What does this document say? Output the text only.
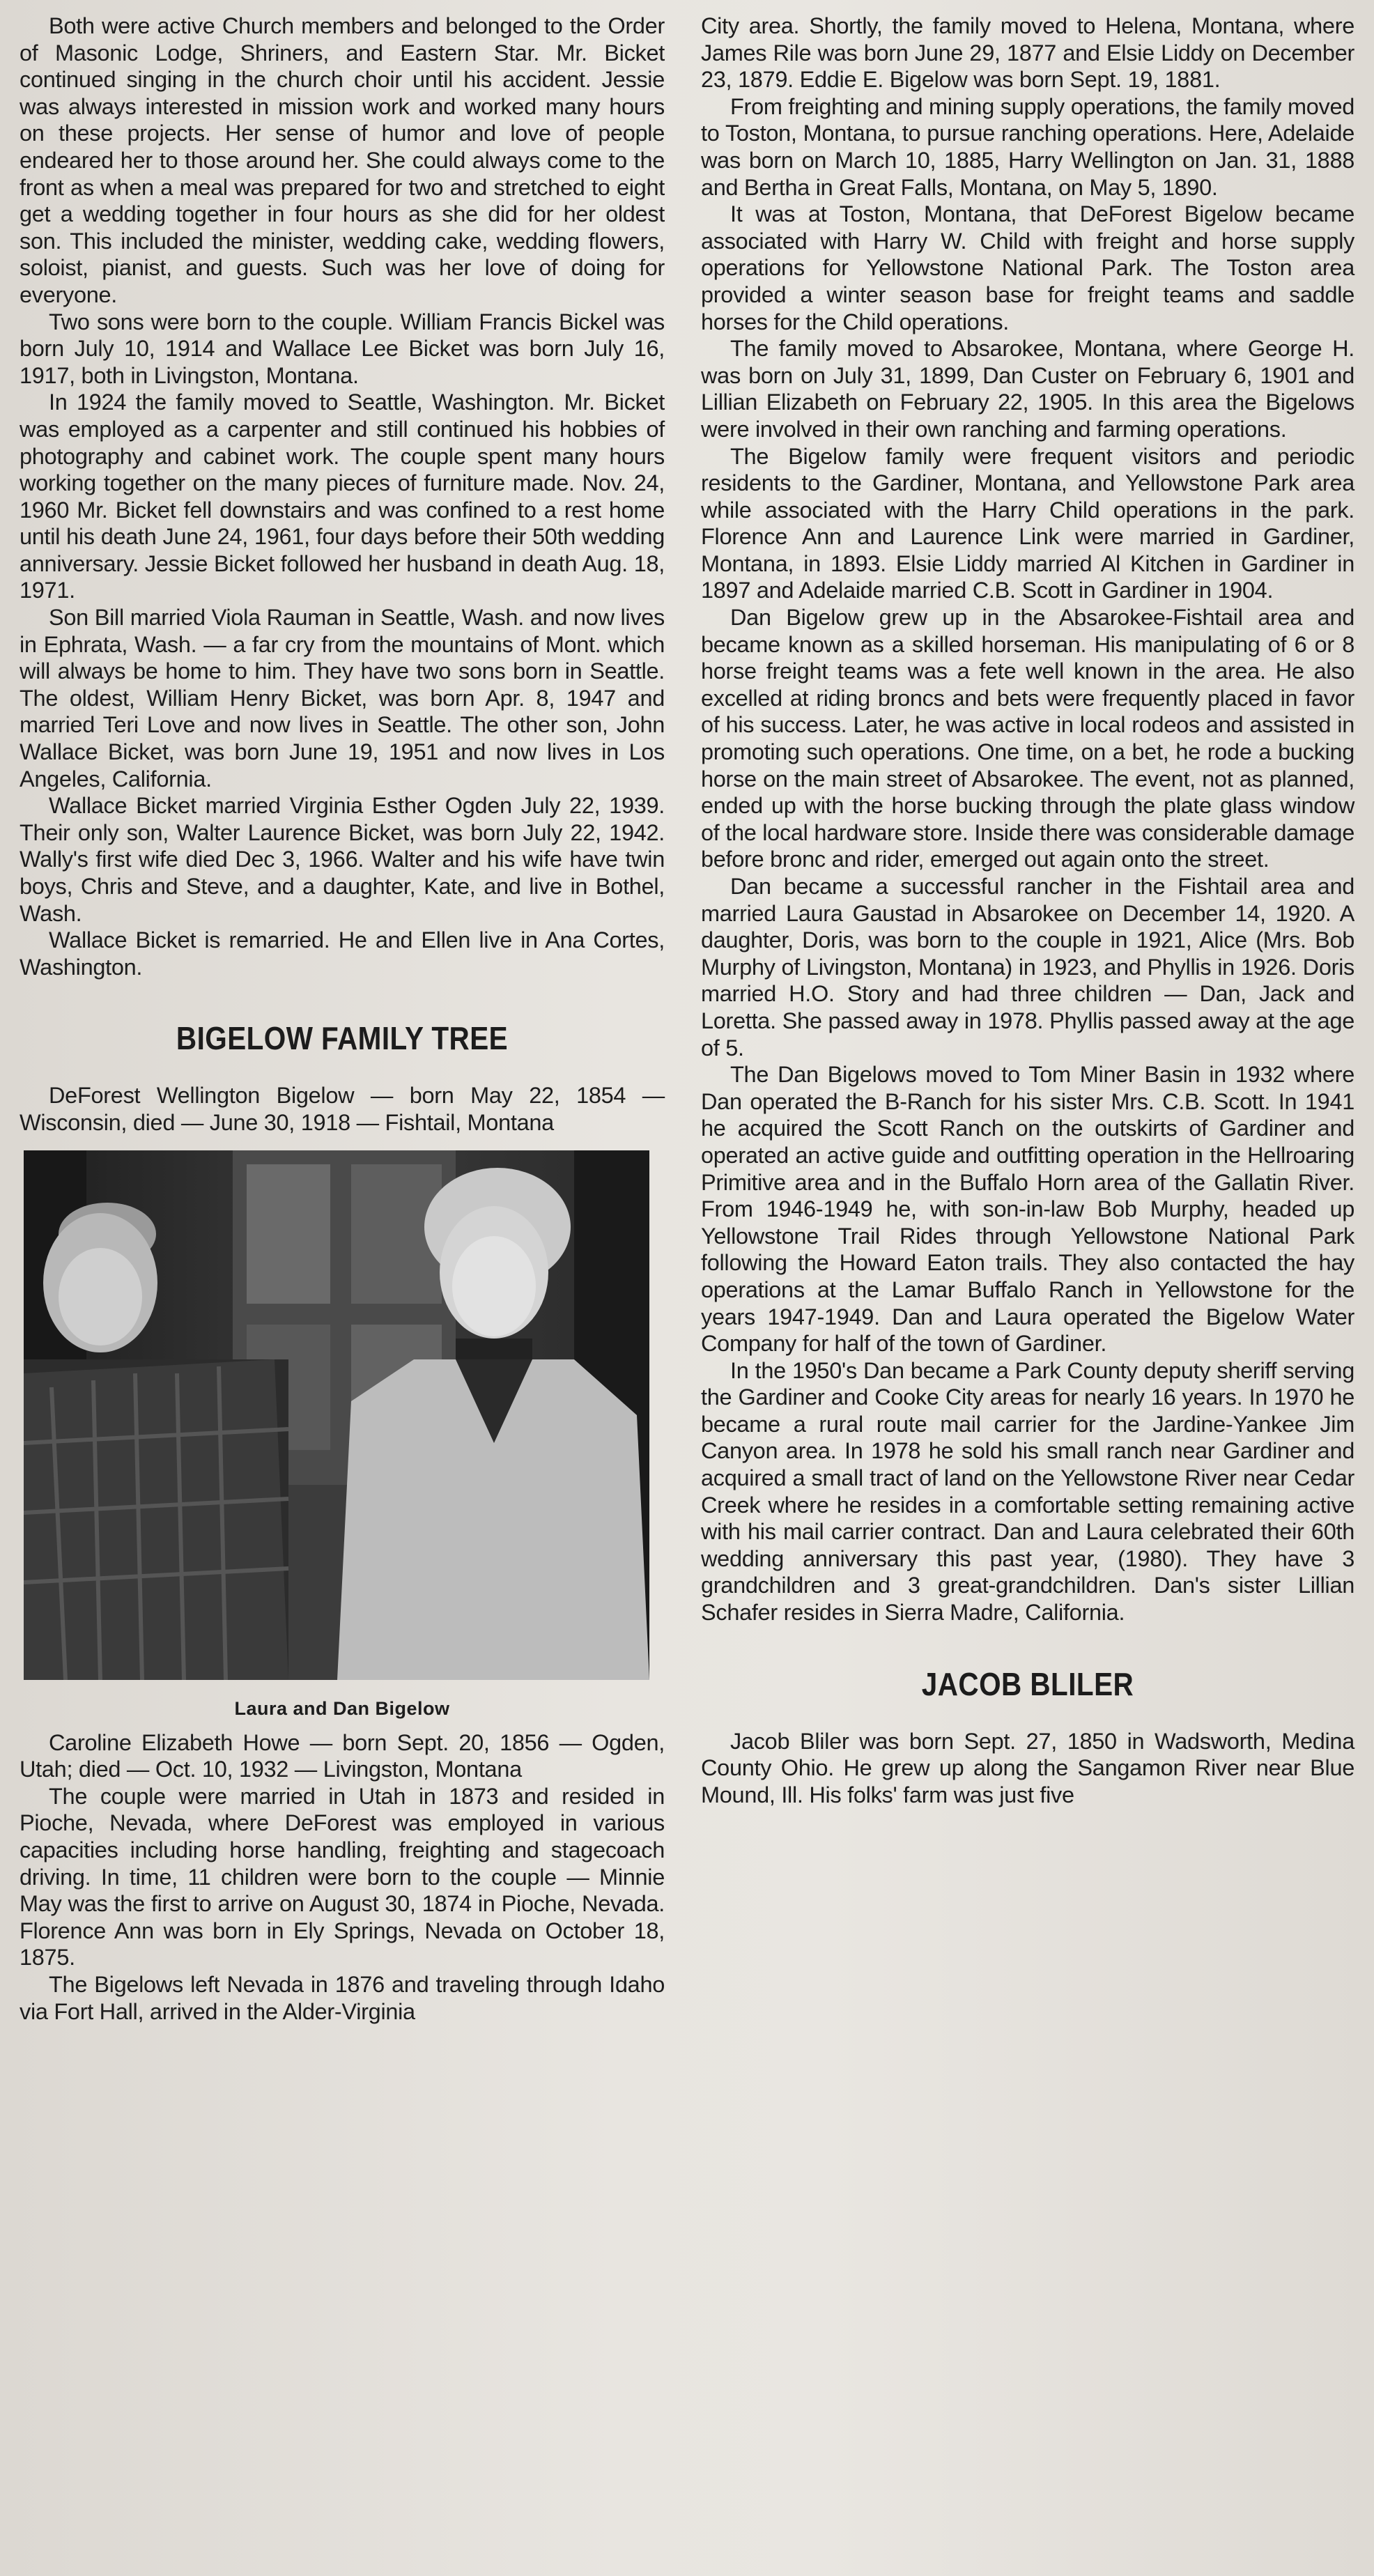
Both were active Church members and belonged to the Order of Masonic Lodge, Shriners, and Eastern Star. Mr. Bicket continued singing in the church choir until his accident. Jessie was always interested in mission work and worked many hours on these projects. Her sense of humor and love of people endeared her to those around her. She could always come to the front as when a meal was prepared for two and stretched to eight get a wedding together in four hours as she did for her oldest son. This included the minister, wedding cake, wedding flowers, soloist, pianist, and guests. Such was her love of doing for everyone.

Two sons were born to the couple. William Francis Bickel was born July 10, 1914 and Wallace Lee Bicket was born July 16, 1917, both in Livingston, Montana.

In 1924 the family moved to Seattle, Washington. Mr. Bicket was employed as a carpenter and still continued his hobbies of photography and cabinet work. The couple spent many hours working together on the many pieces of furniture made. Nov. 24, 1960 Mr. Bicket fell downstairs and was confined to a rest home until his death June 24, 1961, four days before their 50th wedding anniversary. Jessie Bicket followed her husband in death Aug. 18, 1971.

Son Bill married Viola Rauman in Seattle, Wash. and now lives in Ephrata, Wash. — a far cry from the mountains of Mont. which will always be home to him. They have two sons born in Seattle. The oldest, William Henry Bicket, was born Apr. 8, 1947 and married Teri Love and now lives in Seattle. The other son, John Wallace Bicket, was born June 19, 1951 and now lives in Los Angeles, California.

Wallace Bicket married Virginia Esther Ogden July 22, 1939. Their only son, Walter Laurence Bicket, was born July 22, 1942. Wally's first wife died Dec 3, 1966. Walter and his wife have twin boys, Chris and Steve, and a daughter, Kate, and live in Bothel, Wash.

Wallace Bicket is remarried. He and Ellen live in Ana Cortes, Washington.

BIGELOW FAMILY TREE

DeForest Wellington Bigelow — born May 22, 1854 — Wisconsin, died — June 30, 1918 — Fishtail, Montana

Laura and Dan Bigelow

Caroline Elizabeth Howe — born Sept. 20, 1856 — Ogden, Utah; died — Oct. 10, 1932 — Livingston, Montana

The couple were married in Utah in 1873 and resided in Pioche, Nevada, where DeForest was employed in various capacities including horse handling, freighting and stagecoach driving. In time, 11 children were born to the couple — Minnie May was the first to arrive on August 30, 1874 in Pioche, Nevada. Florence Ann was born in Ely Springs, Nevada on October 18, 1875.

The Bigelows left Nevada in 1876 and traveling through Idaho via Fort Hall, arrived in the Alder-Virginia

City area. Shortly, the family moved to Helena, Montana, where James Rile was born June 29, 1877 and Elsie Liddy on December 23, 1879. Eddie E. Bigelow was born Sept. 19, 1881.

From freighting and mining supply operations, the family moved to Toston, Montana, to pursue ranching operations. Here, Adelaide was born on March 10, 1885, Harry Wellington on Jan. 31, 1888 and Bertha in Great Falls, Montana, on May 5, 1890.

It was at Toston, Montana, that DeForest Bigelow became associated with Harry W. Child with freight and horse supply operations for Yellowstone National Park. The Toston area provided a winter season base for freight teams and saddle horses for the Child operations.

The family moved to Absarokee, Montana, where George H. was born on July 31, 1899, Dan Custer on February 6, 1901 and Lillian Elizabeth on February 22, 1905. In this area the Bigelows were involved in their own ranching and farming operations.

The Bigelow family were frequent visitors and periodic residents to the Gardiner, Montana, and Yellowstone Park area while associated with the Harry Child operations in the park. Florence Ann and Laurence Link were married in Gardiner, Montana, in 1893. Elsie Liddy married Al Kitchen in Gardiner in 1897 and Adelaide married C.B. Scott in Gardiner in 1904.

Dan Bigelow grew up in the Absarokee-Fishtail area and became known as a skilled horseman. His manipulating of 6 or 8 horse freight teams was a fete well known in the area. He also excelled at riding broncs and bets were frequently placed in favor of his success. Later, he was active in local rodeos and assisted in promoting such operations. One time, on a bet, he rode a bucking horse on the main street of Absarokee. The event, not as planned, ended up with the horse bucking through the plate glass window of the local hardware store. Inside there was considerable damage before bronc and rider, emerged out again onto the street.

Dan became a successful rancher in the Fishtail area and married Laura Gaustad in Absarokee on December 14, 1920. A daughter, Doris, was born to the couple in 1921, Alice (Mrs. Bob Murphy of Livingston, Montana) in 1923, and Phyllis in 1926. Doris married H.O. Story and had three children — Dan, Jack and Loretta. She passed away in 1978. Phyllis passed away at the age of 5.

The Dan Bigelows moved to Tom Miner Basin in 1932 where Dan operated the B-Ranch for his sister Mrs. C.B. Scott. In 1941 he acquired the Scott Ranch on the outskirts of Gardiner and operated an active guide and outfitting operation in the Hellroaring Primitive area and in the Buffalo Horn area of the Gallatin River. From 1946-1949 he, with son-in-law Bob Murphy, headed up Yellowstone Trail Rides through Yellowstone National Park following the Howard Eaton trails. They also contacted the hay operations at the Lamar Buffalo Ranch in Yellowstone for the years 1947-1949. Dan and Laura operated the Bigelow Water Company for half of the town of Gardiner.

In the 1950's Dan became a Park County deputy sheriff serving the Gardiner and Cooke City areas for nearly 16 years. In 1970 he became a rural route mail carrier for the Jardine-Yankee Jim Canyon area. In 1978 he sold his small ranch near Gardiner and acquired a small tract of land on the Yellowstone River near Cedar Creek where he resides in a comfortable setting remaining active with his mail carrier contract. Dan and Laura celebrated their 60th wedding anniversary this past year, (1980). They have 3 grandchildren and 3 great-grandchildren. Dan's sister Lillian Schafer resides in Sierra Madre, California.

JACOB BLILER

Jacob Bliler was born Sept. 27, 1850 in Wadsworth, Medina County Ohio. He grew up along the Sangamon River near Blue Mound, Ill. His folks' farm was just five
